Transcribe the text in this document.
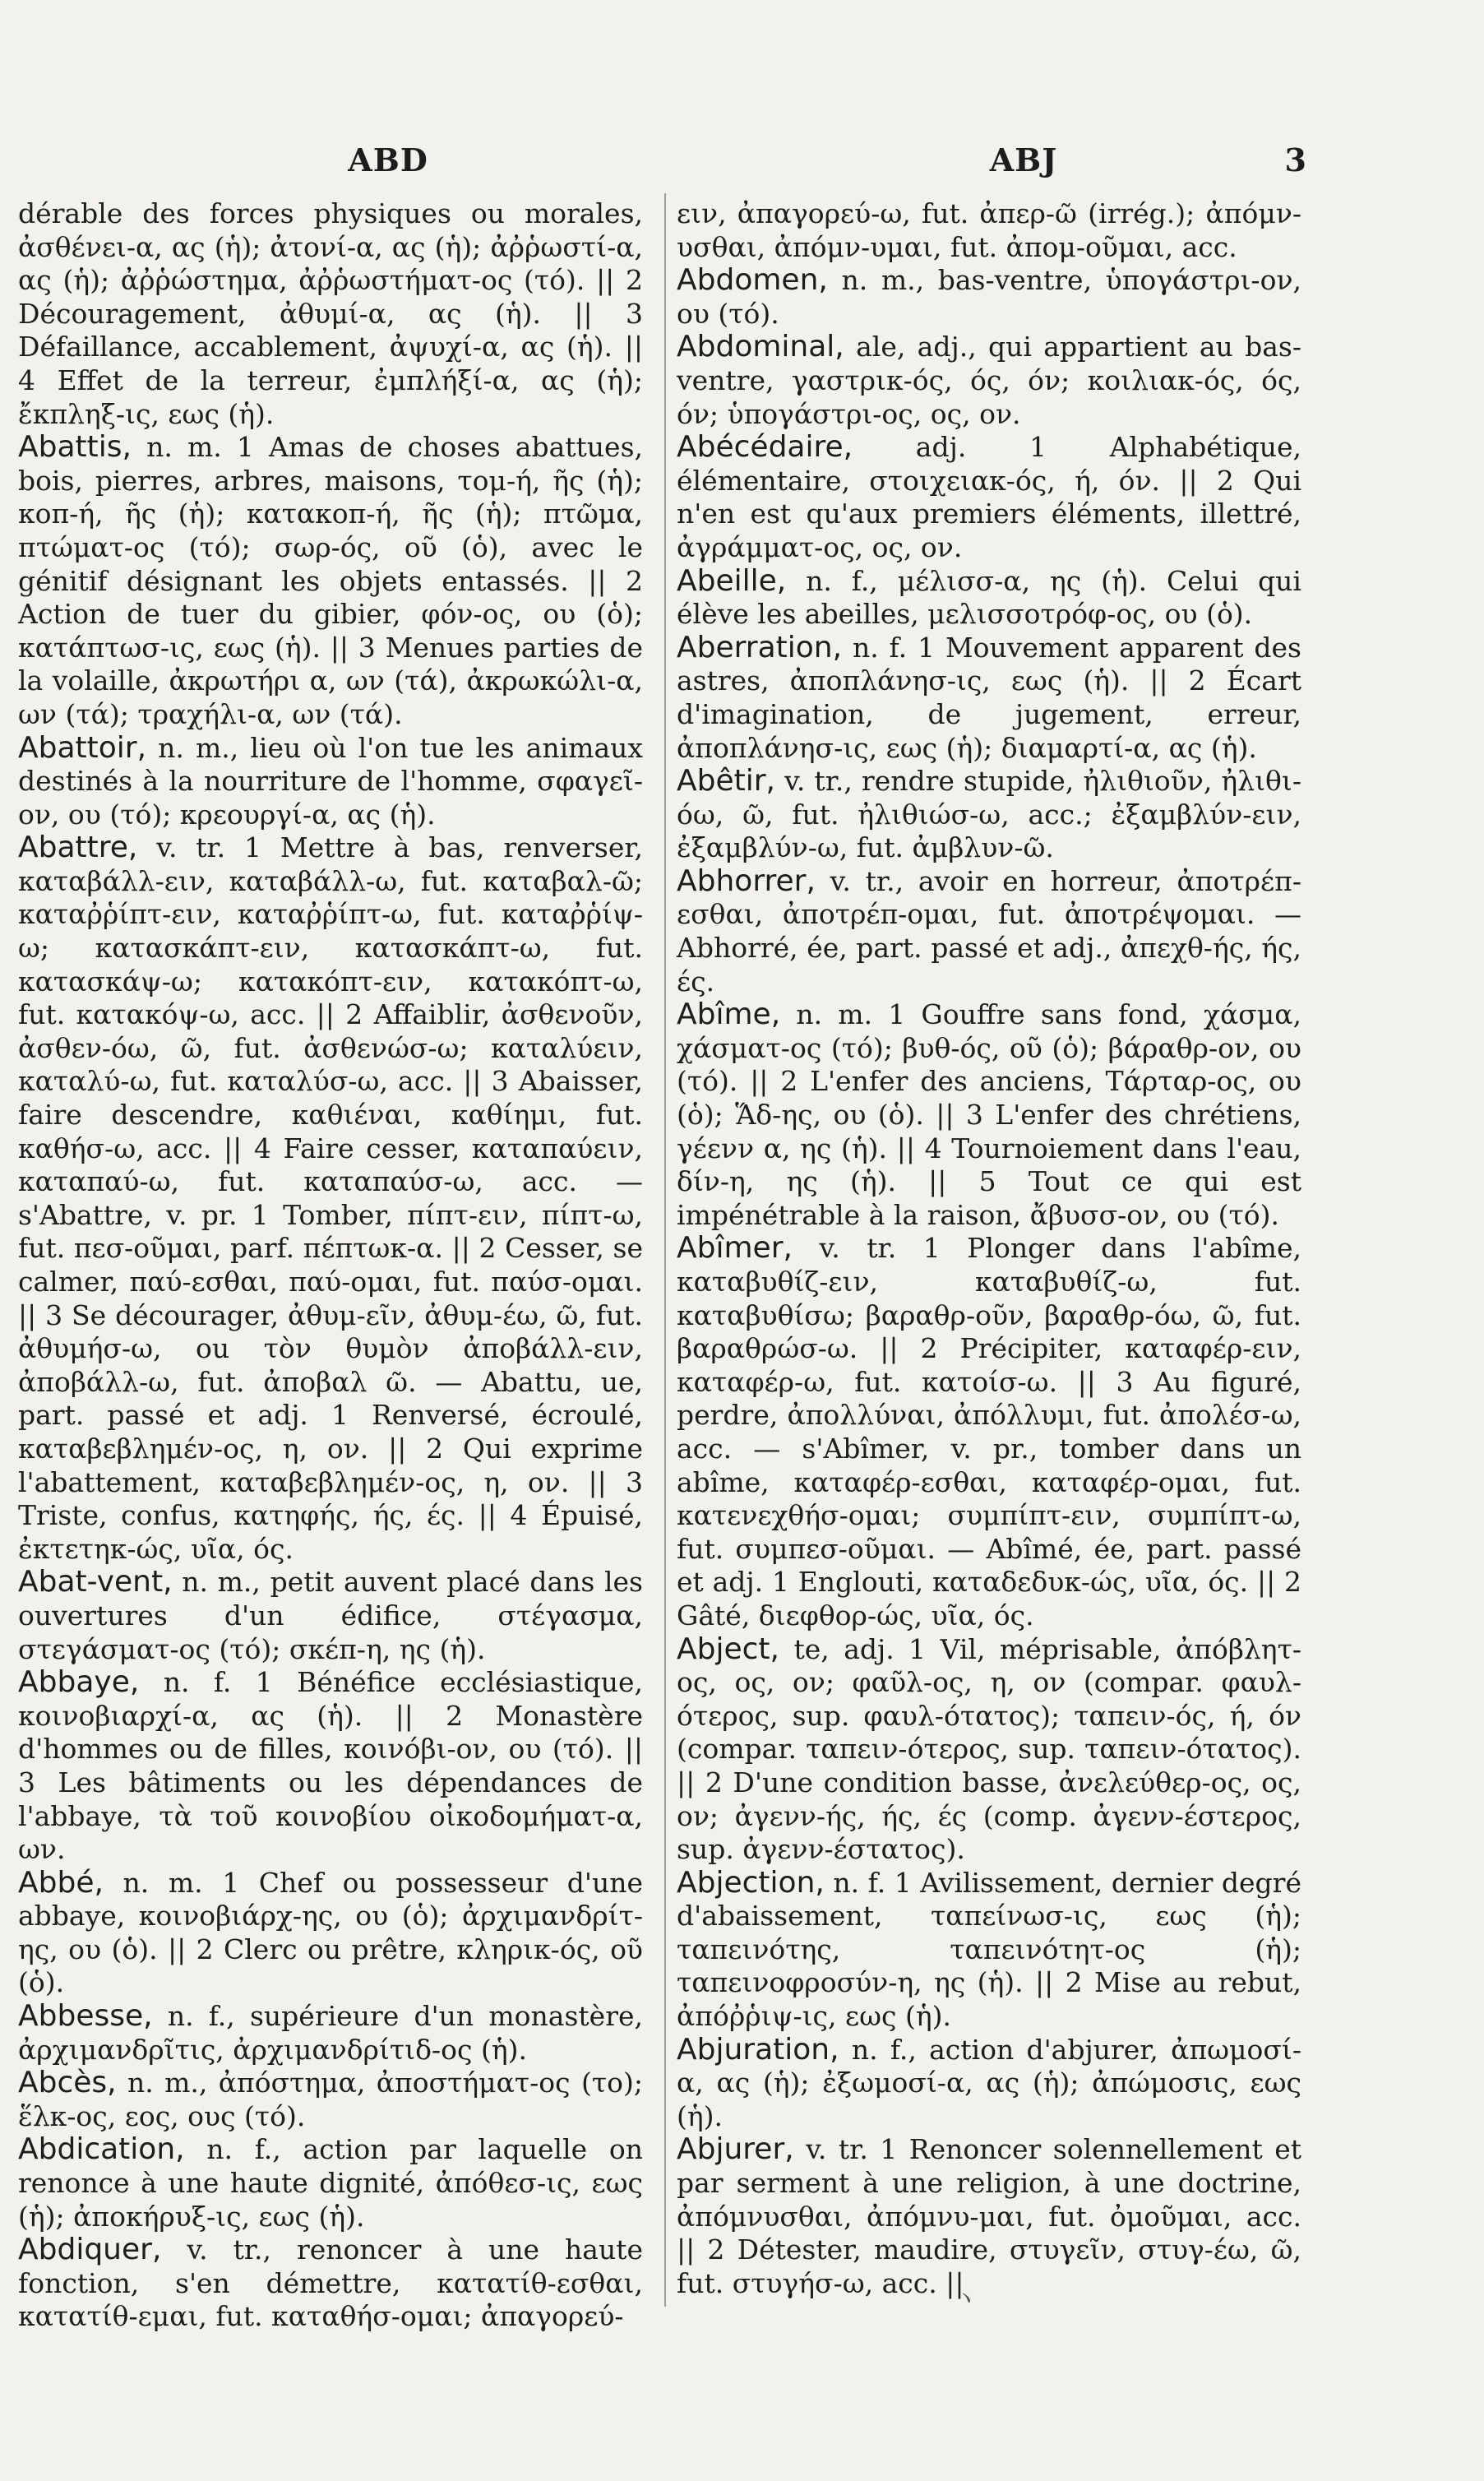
ABD	ABJ	3

dérable des forces physiques ou morales, ἀσθένει-α, ας (ἡ); ἀτονί-α, ας (ἡ); ἀῤῥωστί-α, ας (ἡ); ἀῤῥώστημα, ἀῤῥωστήματ-ος (τό). || 2 Découragement, ἀθυμί-α, ας (ἡ). || 3 Défaillance, accablement, ἀψυχί-α, ας (ἡ). || 4 Effet de la terreur, ἐμπλήξί-α, ας (ἡ); ἔκπληξ-ις, εως (ἡ).

Abattis, n. m. 1 Amas de choses abattues, bois, pierres, arbres, maisons, τομ-ή, ῆς (ἡ); κοπ-ή, ῆς (ἡ); κατακοπ-ή, ῆς (ἡ); πτῶμα, πτώματ-ος (τό); σωρ-ός, οῦ (ὁ), avec le génitif désignant les objets entassés. || 2 Action de tuer du gibier, φόν-ος, ου (ὁ); κατάπτωσ-ις, εως (ἡ). || 3 Menues parties de la volaille, ἀκρωτήρι α, ων (τά), ἀκρωκώλι-α, ων (τά); τραχήλι-α, ων (τά).

Abattoir, n. m., lieu où l'on tue les animaux destinés à la nourriture de l'homme, σφαγεῖ-ον, ου (τό); κρεουργί-α, ας (ἡ).

Abattre, v. tr. 1 Mettre à bas, renverser, καταβάλλ-ειν, καταβάλλ-ω, fut. καταβαλ-ῶ; καταῤῥίπτ-ειν, καταῤῥίπτ-ω, fut. καταῤῥίψ-ω; κατασκάπτ-ειν, κατασκάπτ-ω, fut. κατασκάψ-ω; κατακόπτ-ειν, κατακόπτ-ω, fut. κατακόψ-ω, acc. || 2 Affaiblir, ἀσθενοῦν, ἀσθεν-όω, ῶ, fut. ἀσθενώσ-ω; καταλύειν, καταλύ-ω, fut. καταλύσ-ω, acc. || 3 Abaisser, faire descendre, καθιέναι, καθίημι, fut. καθήσ-ω, acc. || 4 Faire cesser, καταπαύειν, καταπαύ-ω, fut. καταπαύσ-ω, acc. — s'Abattre, v. pr. 1 Tomber, πίπτ-ειν, πίπτ-ω, fut. πεσ-οῦμαι, parf. πέπτωκ-α. || 2 Cesser, se calmer, παύ-εσθαι, παύ-ομαι, fut. παύσ-ομαι. || 3 Se décourager, ἀθυμ-εῖν, ἀθυμ-έω, ῶ, fut. ἀθυμήσ-ω, ou τὸν θυμὸν ἀποβάλλ-ειν, ἀποβάλλ-ω, fut. ἀποβαλ ῶ. — Abattu, ue, part. passé et adj. 1 Renversé, écroulé, καταβεβλημέν-ος, η, ον. || 2 Qui exprime l'abattement, καταβεβλημέν-ος, η, ον. || 3 Triste, confus, κατηφής, ής, ές. || 4 Épuisé, ἐκτετηκ-ώς, υῖα, ός.

Abat-vent, n. m., petit auvent placé dans les ouvertures d'un édifice, στέγασμα, στεγάσματ-ος (τό); σκέπ-η, ης (ἡ).

Abbaye, n. f. 1 Bénéfice ecclésiastique, κοινοβιαρχί-α, ας (ἡ). || 2 Monastère d'hommes ou de filles, κοινόβι-ον, ου (τό). || 3 Les bâtiments ou les dépendances de l'abbaye, τὰ τοῦ κοινοβίου οἰκοδομήματ-α, ων.

Abbé, n. m. 1 Chef ou possesseur d'une abbaye, κοινοβιάρχ-ης, ου (ὁ); ἀρχιμανδρίτ-ης, ου (ὁ). || 2 Clerc ou prêtre, κληρικ-ός, οῦ (ὁ).

Abbesse, n. f., supérieure d'un monastère, ἀρχιμανδρῖτις, ἀρχιμανδρίτιδ-ος (ἡ).

Abcès, n. m., ἀπόστημα, ἀποστήματ-ος (το); ἕλκ-ος, εος, ους (τό).

Abdication, n. f., action par laquelle on renonce à une haute dignité, ἀπόθεσ-ις, εως (ἡ); ἀποκήρυξ-ις, εως (ἡ).

Abdiquer, v. tr., renoncer à une haute fonction, s'en démettre, κατατίθ-εσθαι, κατατίθ-εμαι, fut. καταθήσ-ομαι; ἀπαγορεύ-

ειν, ἀπαγορεύ-ω, fut. ἀπερ-ῶ (irrég.); ἀπόμν-υσθαι, ἀπόμν-υμαι, fut. ἀπομ-οῦμαι, acc.

Abdomen, n. m., bas-ventre, ὑπογάστρι-ον, ου (τό).

Abdominal, ale, adj., qui appartient au bas-ventre, γαστρικ-ός, ός, όν; κοιλιακ-ός, ός, όν; ὑπογάστρι-ος, ος, ον.

Abécédaire, adj. 1 Alphabétique, élémentaire, στοιχειακ-ός, ή, όν. || 2 Qui n'en est qu'aux premiers éléments, illettré, ἀγράμματ-ος, ος, ον.

Abeille, n. f., μέλισσ-α, ης (ἡ). Celui qui élève les abeilles, μελισσοτρόφ-ος, ου (ὁ).

Aberration, n. f. 1 Mouvement apparent des astres, ἀποπλάνησ-ις, εως (ἡ). || 2 Écart d'imagination, de jugement, erreur, ἀποπλάνησ-ις, εως (ἡ); διαμαρτί-α, ας (ἡ).

Abêtir, v. tr., rendre stupide, ἠλιθιοῦν, ἠλιθι-όω, ῶ, fut. ἠλιθιώσ-ω, acc.; ἐξαμβλύν-ειν, ἐξαμβλύν-ω, fut. ἀμβλυν-ῶ.

Abhorrer, v. tr., avoir en horreur, ἀποτρέπ-εσθαι, ἀποτρέπ-ομαι, fut. ἀποτρέψομαι. — Abhorré, ée, part. passé et adj., ἀπεχθ-ής, ής, ές.

Abîme, n. m. 1 Gouffre sans fond, χάσμα, χάσματ-ος (τό); βυθ-ός, οῦ (ὁ); βάραθρ-ον, ου (τό). || 2 L'enfer des anciens, Τάρταρ-ος, ου (ὁ); Ἅδ-ης, ου (ὁ). || 3 L'enfer des chrétiens, γέενν α, ης (ἡ). || 4 Tournoiement dans l'eau, δίν-η, ης (ἡ). || 5 Tout ce qui est impénétrable à la raison, ἄβυσσ-ον, ου (τό).

Abîmer, v. tr. 1 Plonger dans l'abîme, καταβυθίζ-ειν, καταβυθίζ-ω, fut. καταβυθίσω; βαραθρ-οῦν, βαραθρ-όω, ῶ, fut. βαραθρώσ-ω. || 2 Précipiter, καταφέρ-ειν, καταφέρ-ω, fut. κατοίσ-ω. || 3 Au figuré, perdre, ἀπολλύναι, ἀπόλλυμι, fut. ἀπολέσ-ω, acc. — s'Abîmer, v. pr., tomber dans un abîme, καταφέρ-εσθαι, καταφέρ-ομαι, fut. κατενεχθήσ-ομαι; συμπίπτ-ειν, συμπίπτ-ω, fut. συμπεσ-οῦμαι. — Abîmé, ée, part. passé et adj. 1 Englouti, καταδεδυκ-ώς, υῖα, ός. || 2 Gâté, διεφθορ-ώς, υῖα, ός.

Abject, te, adj. 1 Vil, méprisable, ἀπόβλητ-ος, ος, ον; φαῦλ-ος, η, ον (compar. φαυλ-ότερος, sup. φαυλ-ότατος); ταπειν-ός, ή, όν (compar. ταπειν-ότερος, sup. ταπειν-ότατος). || 2 D'une condition basse, ἀνελεύθερ-ος, ος, ον; ἀγενν-ής, ής, ές (comp. ἀγενν-έστερος, sup. ἀγενν-έστατος).

Abjection, n. f. 1 Avilissement, dernier degré d'abaissement, ταπείνωσ-ις, εως (ἡ); ταπεινότης, ταπεινότητ-ος (ἡ); ταπεινοφροσύν-η, ης (ἡ). || 2 Mise au rebut, ἀπόῤῥιψ-ις, εως (ἡ).

Abjuration, n. f., action d'abjurer, ἀπωμοσί-α, ας (ἡ); ἐξωμοσί-α, ας (ἡ); ἀπώμοσις, εως (ἡ).

Abjurer, v. tr. 1 Renoncer solennellement et par serment à une religion, à une doctrine, ἀπόμνυσθαι, ἀπόμνυ-μαι, fut. ὀμοῦμαι, acc. || 2 Détester, maudire, στυγεῖν, στυγ-έω, ῶ, fut. στυγήσ-ω, acc. ||

ヽ
